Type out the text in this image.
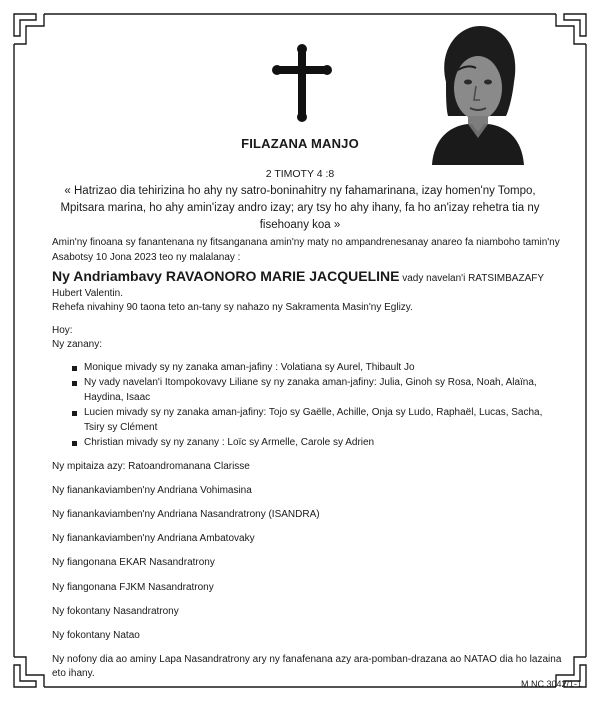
FILAZANA MANJO
2 TIMOTY 4 :8
« Hatrizao dia tehirizina ho ahy ny satro-boninahitry ny fahamarinana, izay homen'ny Tompo, Mpitsara marina, ho ahy amin'izay andro izay; ary tsy ho ahy ihany, fa ho an'izay rehetra tia ny fisehoany koa »

Amin'ny finoana sy fanantenana ny fitsanganana amin'ny maty no ampandrenesanay anareo fa niamboho tamin'ny Asabotsy 10 Jona 2023 teo ny malalanay :

Ny Andriambavy RAVAONORO MARIE JACQUELINE vady navelan'i RATSIMBAZAFY

Hubert Valentin.

Rehefa nivahiny 90 taona teto an-tany sy nahazo ny Sakramenta Masin'ny Eglizy.

Hoy:

Ny zanany:

Monique mivady sy ny zanaka aman-jafiny : Volatiana sy Aurel, Thibault Jo
Ny vady navelan'i Itompokovavy Liliane sy ny zanaka aman-jafiny: Julia, Ginoh sy Rosa, Noah, Alaïna, Haydina, Isaac
Lucien mivady sy ny zanaka aman-jafiny: Tojo sy Gaëlle, Achille, Onja sy Ludo, Raphaël, Lucas, Sacha, Tsiry sy Clément
Christian mivady sy ny zanany : Loïc sy Armelle, Carole sy Adrien

Ny mpitaiza azy: Ratoandromanana Clarisse

Ny fianankaviamben'ny Andriana Vohimasina

Ny fianankaviamben'ny Andriana Nasandratrony (ISANDRA)

Ny fianankaviamben'ny Andriana Ambatovaky

Ny fiangonana EKAR Nasandratrony

Ny fiangonana FJKM Nasandratrony

Ny fokontany Nasandratrony

Ny fokontany Natao

Ny nofony dia ao aminy Lapa Nasandratrony ary ny fanafenana azy ara-pomban-drazana ao NATAO dia ho lazaina eto ihany.

M NC 3042/1-1
